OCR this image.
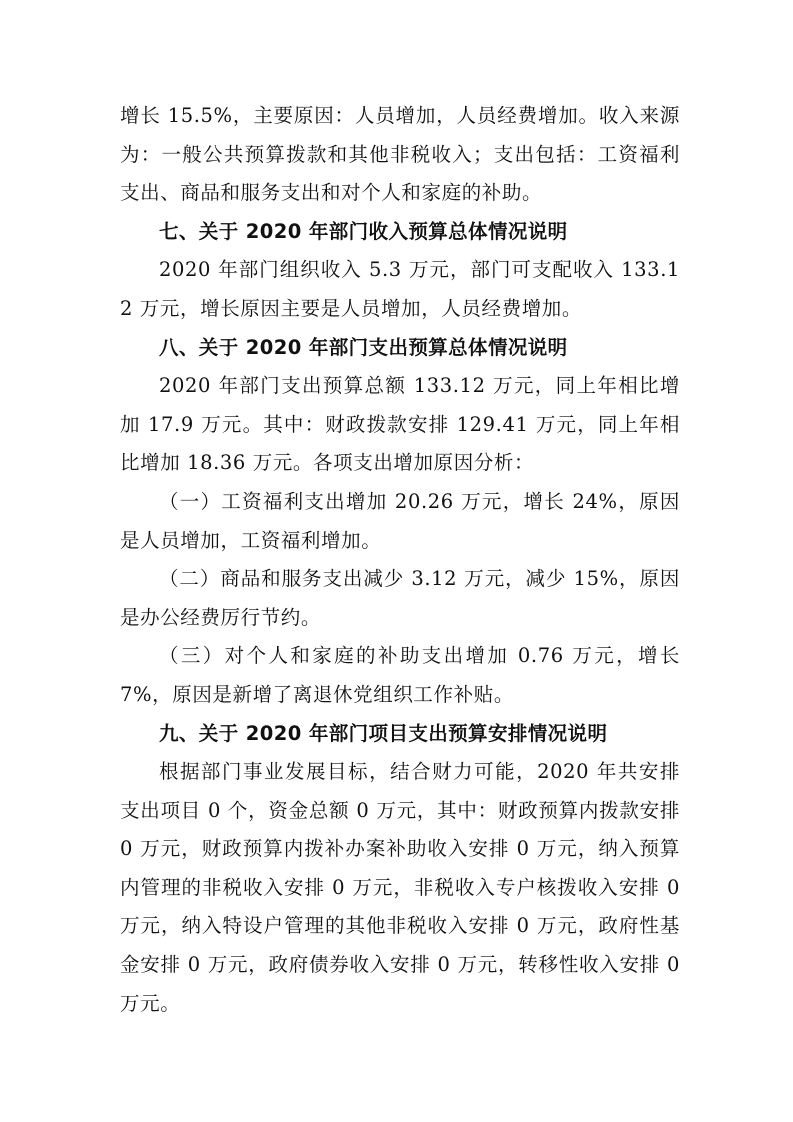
增长 15.5%，主要原因：人员增加，人员经费增加。收入来源为：一般公共预算拨款和其他非税收入；支出包括：工资福利支出、商品和服务支出和对个人和家庭的补助。

七、关于 2020 年部门收入预算总体情况说明

2020 年部门组织收入 5.3 万元，部门可支配收入 133.12 万元，增长原因主要是人员增加，人员经费增加。

八、关于 2020 年部门支出预算总体情况说明

2020 年部门支出预算总额 133.12 万元，同上年相比增加 17.9 万元。其中：财政拨款安排 129.41 万元，同上年相比增加 18.36 万元。各项支出增加原因分析：

（一）工资福利支出增加 20.26 万元，增长 24%，原因是人员增加，工资福利增加。

（二）商品和服务支出减少 3.12 万元，减少 15%，原因是办公经费厉行节约。

（三）对个人和家庭的补助支出增加 0.76 万元，增长 7%，原因是新增了离退休党组织工作补贴。

九、关于 2020 年部门项目支出预算安排情况说明

根据部门事业发展目标，结合财力可能，2020 年共安排支出项目 0 个，资金总额 0 万元，其中：财政预算内拨款安排 0 万元，财政预算内拨补办案补助收入安排 0 万元，纳入预算内管理的非税收入安排 0 万元，非税收入专户核拨收入安排 0 万元，纳入特设户管理的其他非税收入安排 0 万元，政府性基金安排 0 万元，政府债券收入安排 0 万元，转移性收入安排 0 万元。
